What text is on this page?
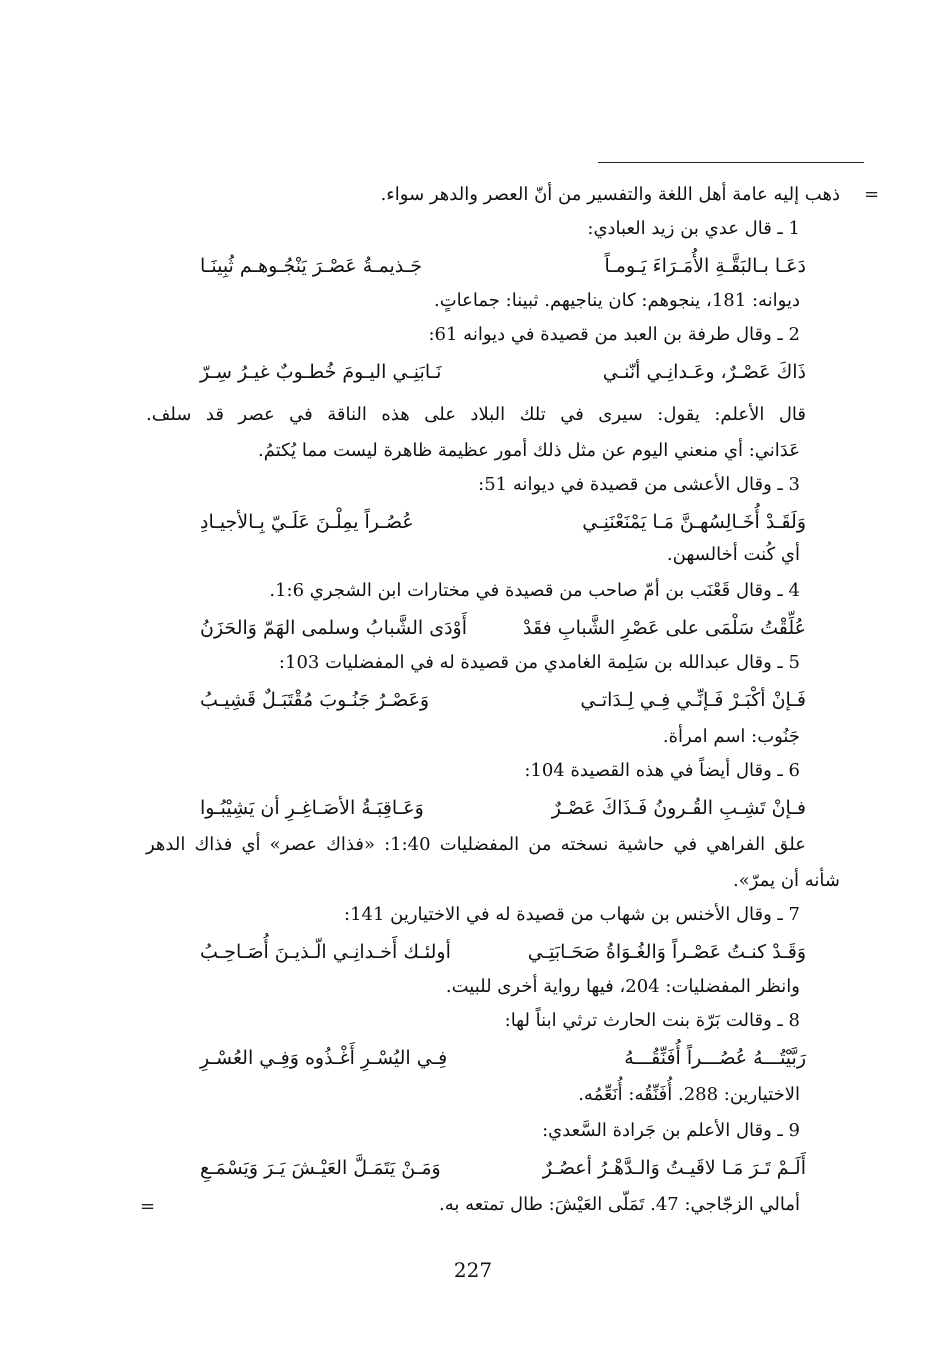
=
=
ذهب إليه عامة أهل اللغة والتفسير من أنّ العصر والدهر سواء.
1 ـ قال عدي بن زيد العبادي:
دَعَـا بـالبَقَّـةِ الأُمَـرَاءَ يَـومـاً
جَـذيمـةُ عَصْـرَ يَنْجُـوهـم ثُبِينَـا
ديوانه: 181، ينجوهم: كان يناجيهم. ثبينا: جماعاتٍ.
2 ـ وقال طرفة بن العبد من قصيدة في ديوانه 61:
ذَاكَ عَصْـرٌ، وعَـدانِـي أنّنـي
نَـابَنِـي اليـومَ خُطـوبٌ غيـرُ سِـرّ
قال الأعلم: يقول: سيرى في تلك البلاد على هذه الناقة في عصر قد سلف.
عَدَاني: أي منعني اليوم عن مثل ذلك أمور عظيمة ظاهرة ليست مما يُكتمُ.
3 ـ وقال الأعشى من قصيدة في ديوانه 51:
وَلَقَـدْ أُخَـالِسُهـنَّ مَـا يَمْنَعْنَنِـي
عُصُـراً يمِلْـنَ عَلَـيّ بِـالأجيـادِ
أي كُنت أخالسهن.
4 ـ وقال قَعْنَب بن أمّ صاحب من قصيدة في مختارات ابن الشجري 1:6.
عُلِّقْتُ سَلْمَى على عَصْرِ الشَّبابِ فقَدْ
أَوْدَى الشَّبابُ وسلمى الهَمّ وَالحَزَنُ
5 ـ وقال عبدالله بن سَلِمة الغامدي من قصيدة له في المفضليات 103:
فَـإنْ أكْبَـرْ فَـإنِّـي فِـي لِـدَاتـي
وَعَصْـرُ جَنُـوبَ مُقْتَبَـلٌ قَشِيـبُ
جَنُوب: اسم امرأة.
6 ـ وقال أيضاً في هذه القصيدة 104:
فـإنْ تَشِـبِ القُـرونُ فَـذَاكَ عَصْـرٌ
وَعَـاقِبَـةُ الأصَـاغِـرِ أن يَشِيْبُـوا
علق الفراهي في حاشية نسخته من المفضليات 1:40: «فذاك عصر» أي فذاك الدهر
شأنه أن يمرّ».
7 ـ وقال الأخنس بن شهاب من قصيدة له في الاختيارين 141:
وَقَـدْ كنـتُ عَصْـراً وَالغُـوَاةُ صَحَـابَتِـي
أولئـك أَخـدانِـي الّـذيـنَ أُصَـاحِـبُ
وانظر المفضليات: 204، فيها رواية أخرى للبيت.
8 ـ وقالت بَرّة بنت الحارث ترثي ابناً لها:
رَبَّيْتُـــهُ عُصُـــراً أُفَنِّقُـــهُ
فِـي اليُسْـرِ أَغْـذُوه وَفِـي العُسْـرِ
الاختيارين: 288. أُفَنِّقُه: أُنَعِّمُه.
9 ـ وقال الأعلم بن جَرادة السَّعدي:
أَلَـمْ تَـرَ مَـا لاقَيـتُ وَالـدَّهْـرُ أعصُـرٌ
وَمَـنْ يَتَمَـلَّ العَيْـشَ يَـرَ وَيَسْمَـعِ
أمالي الزجّاجي: 47. تَمَلّى العَيْشَ: طال تمتعه به.
227
